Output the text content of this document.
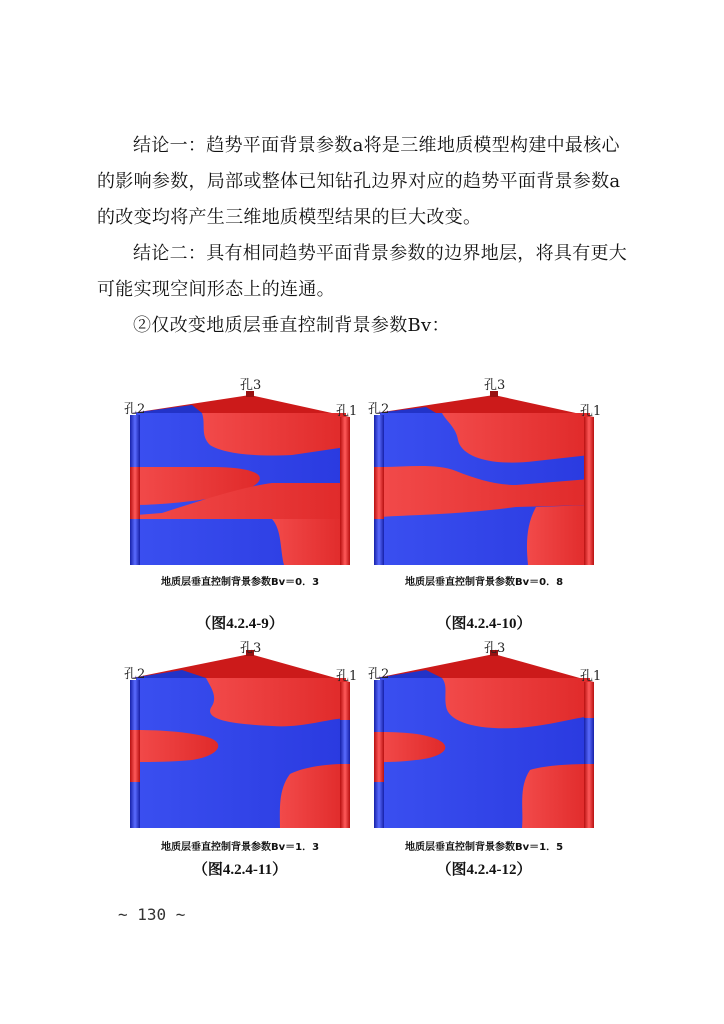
结论一：趋势平面背景参数a将是三维地质模型构建中最核心的影响参数，局部或整体已知钻孔边界对应的趋势平面背景参数a的改变均将产生三维地质模型结果的巨大改变。

结论二：具有相同趋势平面背景参数的边界地层，将具有更大可能实现空间形态上的连通。

②仅改变地质层垂直控制背景参数Bv：

孔2
孔3
孔1
地质层垂直控制背景参数Bv＝0．3
（图4.2.4-9）
孔2
孔3
孔1
地质层垂直控制背景参数Bv＝0．8
（图4.2.4-10）
孔2
孔3
孔1
地质层垂直控制背景参数Bv＝1．3
（图4.2.4-11）
孔2
孔3
孔1
地质层垂直控制背景参数Bv＝1．5
（图4.2.4-12）
~ 130 ~
